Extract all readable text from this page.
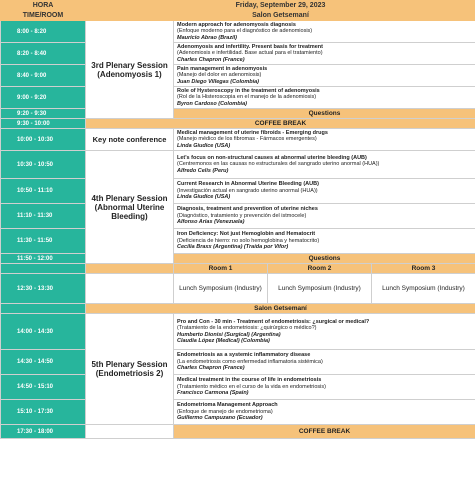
HORA	Friday, September 29, 2023			
TIME/ROOM	Salon Getsemaní			
8:00 - 8:20	3rd Plenary Session (Adenomyosis 1)	Modern approach for adenomyosis diagnosis
(Enfoque moderno para el diagnóstico de adenomiosis)
Mauricio Abrao (Brazil)		

8:20 - 8:40		Adenomyosis and infertility. Present basis for treatment
(Adenomiosis e infertilidad. Base actual para el tratamiento)
Charles Chapron (France)		

8:40 - 9:00		Pain management in adenomyosis
(Manejo del dolor en adenomiosis)
Juan Diego Villegas (Colombia)		

9:00 - 9:20		Role of Hysteroscopy in the treatment of adenomyosis
(Rol de la Histeroscopia en el manejo de la adenomiosis)
Byron Cardoso (Colombia)		

9:20 - 9:30		Questions		
9:30 - 10:00	COFFEE BREAK			
10:00 - 10:30	Key note conference	Medical management of uterine fibroids - Emerging drugs
(Manejo médico de los fibromas - Fármacos emergentes)
Linda Giudice (USA)		

10:30 - 10:50	4th Plenary Session (Abnormal Uterine Bleeding)	Let's focus on non-structural causes at abnormal uterine bleeding (AUB)
(Centremonos en las causas no estructurales del sangrado uterino anormal (HUA))
Alfredo Celis (Peru)		

10:50 - 11:10		Current Research in Abnormal Uterine Bleeding (AUB)
(Investigación actual en sangrado uterino anormal (HUA))
Linda Giudice (USA)		

11:10 - 11:30		Diagnosis, treatment and prevention of uterine niches
(Diagnóstico, tratamiento y prevención del istmocele)
Alfonso Arias (Venezuela)		

11:30 - 11:50		Iron Deficiency: Not just Hemoglobin and Hematocrit
(Deficiencia de hierro: no solo hemoglobina y hematocrito)
Cecilia Braxx (Argentina) (Traída por Vifor)		

11:50 - 12:00		Questions		
		Room 1	Room 2	Room 3
12:30 - 13:30		Lunch Symposium (Industry)	Lunch Symposium (Industry)	Lunch Symposium (Industry)
	Salon Getsemaní			
14:00 - 14:30	5th Plenary Session (Endometriosis 2)	Pro and Con - 30 min - Treatment of endometriosis: ¿surgical or medical?
(Tratamiento de la endometriosis: ¿quirúrgico o médico?)
Humberto Dionisi (Surgical) (Argentina)
Claudia López (Medical) (Colombia)		

14:30 - 14:50		Endometriosis as a systemic inflammatory disease
(La endometriosis como enfermedad inflamatoria sistémica)
Charles Chapron (France)		

14:50 - 15:10		Medical treatment in the course of life in endometriosis
(Tratamiento médico en el curso de la vida en endometriosis)
Francisco Carmona (Spain)		

15:10 - 17:30		Endometrioma Management Approach
(Enfoque de manejo de endometrioma)
Guillermo Campuzano (Ecuador)		

17:30 - 18:00		COFFEE BREAK		
